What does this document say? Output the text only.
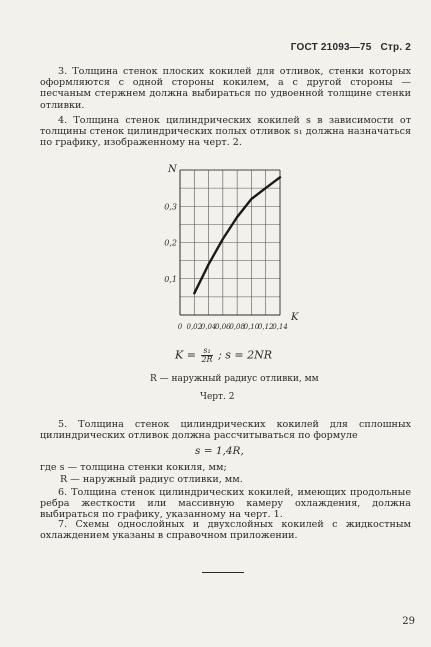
ГОСТ 21093—75 Стр. 2
3. Толщина стенок плоских кокилей для отливок, стенки которых оформляются с одной стороны кокилем, а с другой стороны — песчаным стержнем должна выбираться по удвоенной толщине стенки отливки.
4. Толщина стенок цилиндрических кокилей s в зависимости от толщины стенок цилиндрических полых отливок s₁ должна назначаться по графику, изображенному на черт. 2.
0,1
0,2
0,3
0 0,02
0,04
0,06
0,08
0,10
0,12
0,14
N
K
$K = \frac{\text{s₁}}{2R}$ ; s = 2NR
R — наружный радиус отливки, мм
Черт. 2
5. Толщина стенок цилиндрических кокилей для сплошных цилиндрических отливок должна рассчитываться по формуле
s = 1,4R,
где s — толщина стенки кокиля, мм;
R — наружный радиус отливки, мм.
6. Толщина стенок цилиндрических кокилей, имеющих продольные ребра жесткости или массивную камеру охлаждения, должна выбираться по графику, указанному на черт. 1.
7. Схемы однослойных и двухслойных кокилей с жидкостным охлаждением указаны в справочном приложении.
29
